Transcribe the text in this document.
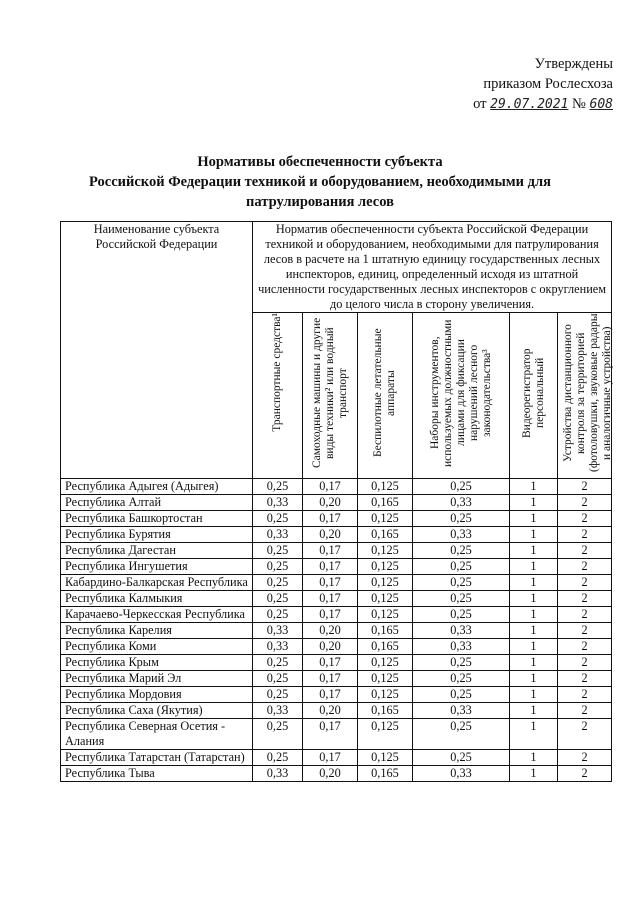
Утверждены
приказом Рослесхоза
от 29.07.2021 № 608
Нормативы обеспеченности субъекта
Российской Федерации техникой и оборудованием, необходимыми для
патрулирования лесов
Наименование субъекта Российской Федерации	Норматив обеспеченности субъекта Российской Федерации техникой и оборудованием, необходимыми для патрулирования лесов в расчете на 1 штатную единицу государственных лесных инспекторов, единиц, определенный исходя из штатной численности государственных лесных инспекторов с округлением до целого числа в сторону увеличения.					

	Транспортные средства¹	Самоходные машины и другие виды техники² или водный транспорт	Беспилотные летательные аппараты	Наборы инструментов, используемых должностными лицами для фиксации нарушений лесного законодательства³	Видеорегистратор персональный	Устройства дистанционного контроля за территорией (фотоловушки, звуковые радары и аналогичные устройства)

Республика Адыгея (Адыгея)	0,25	0,17	0,125	0,25	1	2
Республика Алтай	0,33	0,20	0,165	0,33	1	2
Республика Башкортостан	0,25	0,17	0,125	0,25	1	2
Республика Бурятия	0,33	0,20	0,165	0,33	1	2
Республика Дагестан	0,25	0,17	0,125	0,25	1	2
Республика Ингушетия	0,25	0,17	0,125	0,25	1	2
Кабардино-Балкарская Республика	0,25	0,17	0,125	0,25	1	2
Республика Калмыкия	0,25	0,17	0,125	0,25	1	2
Карачаево-Черкесская Республика	0,25	0,17	0,125	0,25	1	2
Республика Карелия	0,33	0,20	0,165	0,33	1	2
Республика Коми	0,33	0,20	0,165	0,33	1	2
Республика Крым	0,25	0,17	0,125	0,25	1	2
Республика Марий Эл	0,25	0,17	0,125	0,25	1	2
Республика Мордовия	0,25	0,17	0,125	0,25	1	2
Республика Саха (Якутия)	0,33	0,20	0,165	0,33	1	2
Республика Северная Осетия - Алания	0,25	0,17	0,125	0,25	1	2
Республика Татарстан (Татарстан)	0,25	0,17	0,125	0,25	1	2
Республика Тыва	0,33	0,20	0,165	0,33	1	2
